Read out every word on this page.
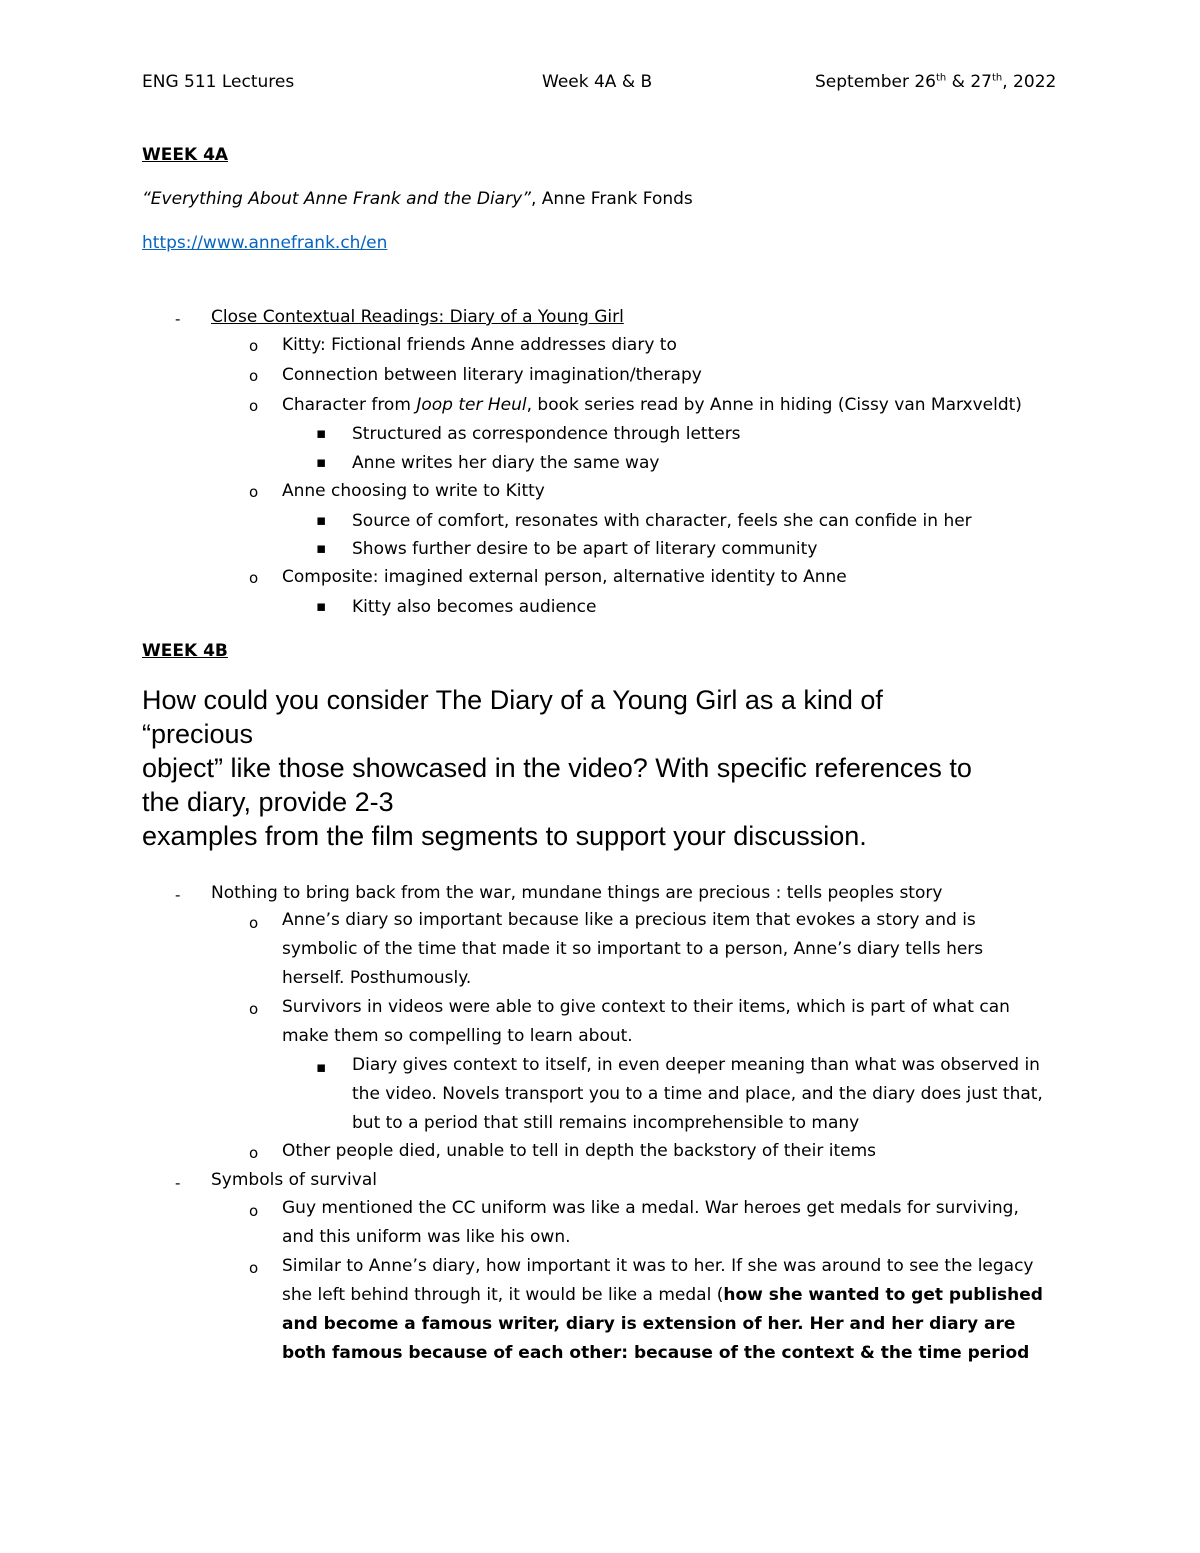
ENG 511 Lectures	Week 4A & B	September 26th & 27th, 2022
WEEK 4A
“Everything About Anne Frank and the Diary”, Anne Frank Fonds
https://www.annefrank.ch/en
- Close Contextual Readings: Diary of a Young Girl
o Kitty: Fictional friends Anne addresses diary to
o Connection between literary imagination/therapy
o Character from Joop ter Heul, book series read by Anne in hiding (Cissy van Marxveldt)
▪ Structured as correspondence through letters
▪ Anne writes her diary the same way
o Anne choosing to write to Kitty
▪ Source of comfort, resonates with character, feels she can confide in her
▪ Shows further desire to be apart of literary community
o Composite: imagined external person, alternative identity to Anne
▪ Kitty also becomes audience
WEEK 4B
How could you consider The Diary of a Young Girl as a kind of
“precious
object” like those showcased in the video? With specific references to
the diary, provide 2-3
examples from the film segments to support your discussion.
- Nothing to bring back from the war, mundane things are precious : tells peoples story
o Anne’s diary so important because like a precious item that evokes a story and is symbolic of the time that made it so important to a person, Anne’s diary tells hers herself. Posthumously.
o Survivors in videos were able to give context to their items, which is part of what can make them so compelling to learn about.
▪ Diary gives context to itself, in even deeper meaning than what was observed in the video. Novels transport you to a time and place, and the diary does just that, but to a period that still remains incomprehensible to many
o Other people died, unable to tell in depth the backstory of their items
- Symbols of survival
o Guy mentioned the CC uniform was like a medal. War heroes get medals for surviving, and this uniform was like his own.
o Similar to Anne’s diary, how important it was to her. If she was around to see the legacy she left behind through it, it would be like a medal (how she wanted to get published and become a famous writer, diary is extension of her. Her and her diary are both famous because of each other: because of the context & the time period
